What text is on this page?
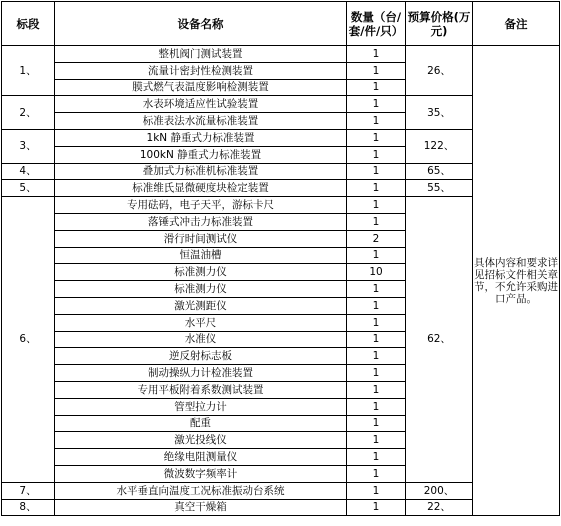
标段	设备名称	数量（台/套/件/只）	预算价格(万元)	备注
1、	整机阀门测试装置	1	26、	具体内容和要求详见招标文件相关章节，不允许采购进口产品。
	流量计密封性检测装置	1		
	膜式燃气表温度影响检测装置	1		
2、	水表环境适应性试验装置	1	35、	
	标准表法水流量标准装置	1		
3、	1kN 静重式力标准装置	1	122、	
	100kN 静重式力标准装置	1		
4、	叠加式力标准机标准装置	1	65、	
5、	标准维氏显微硬度块检定装置	1	55、	
6、	专用砝码，电子天平，游标卡尺	1	62、	
	落锤式冲击力标准装置	1		
	滑行时间测试仪	2		
	恒温油槽	1		
	标准测力仪	10		
	标准测力仪	1		
	激光测距仪	1		
	水平尺	1		
	水准仪	1		
	逆反射标志板	1		
	制动操纵力计检准装置	1		
	专用平板附着系数测试装置	1		
	管型拉力计	1		
	配重	1		
	激光投线仪	1		
	绝缘电阻测量仪	1		
	微波数字频率计	1		
7、	水平垂直向温度工况标准振动台系统	1	200、	
8、	真空干燥箱	1	22、	
